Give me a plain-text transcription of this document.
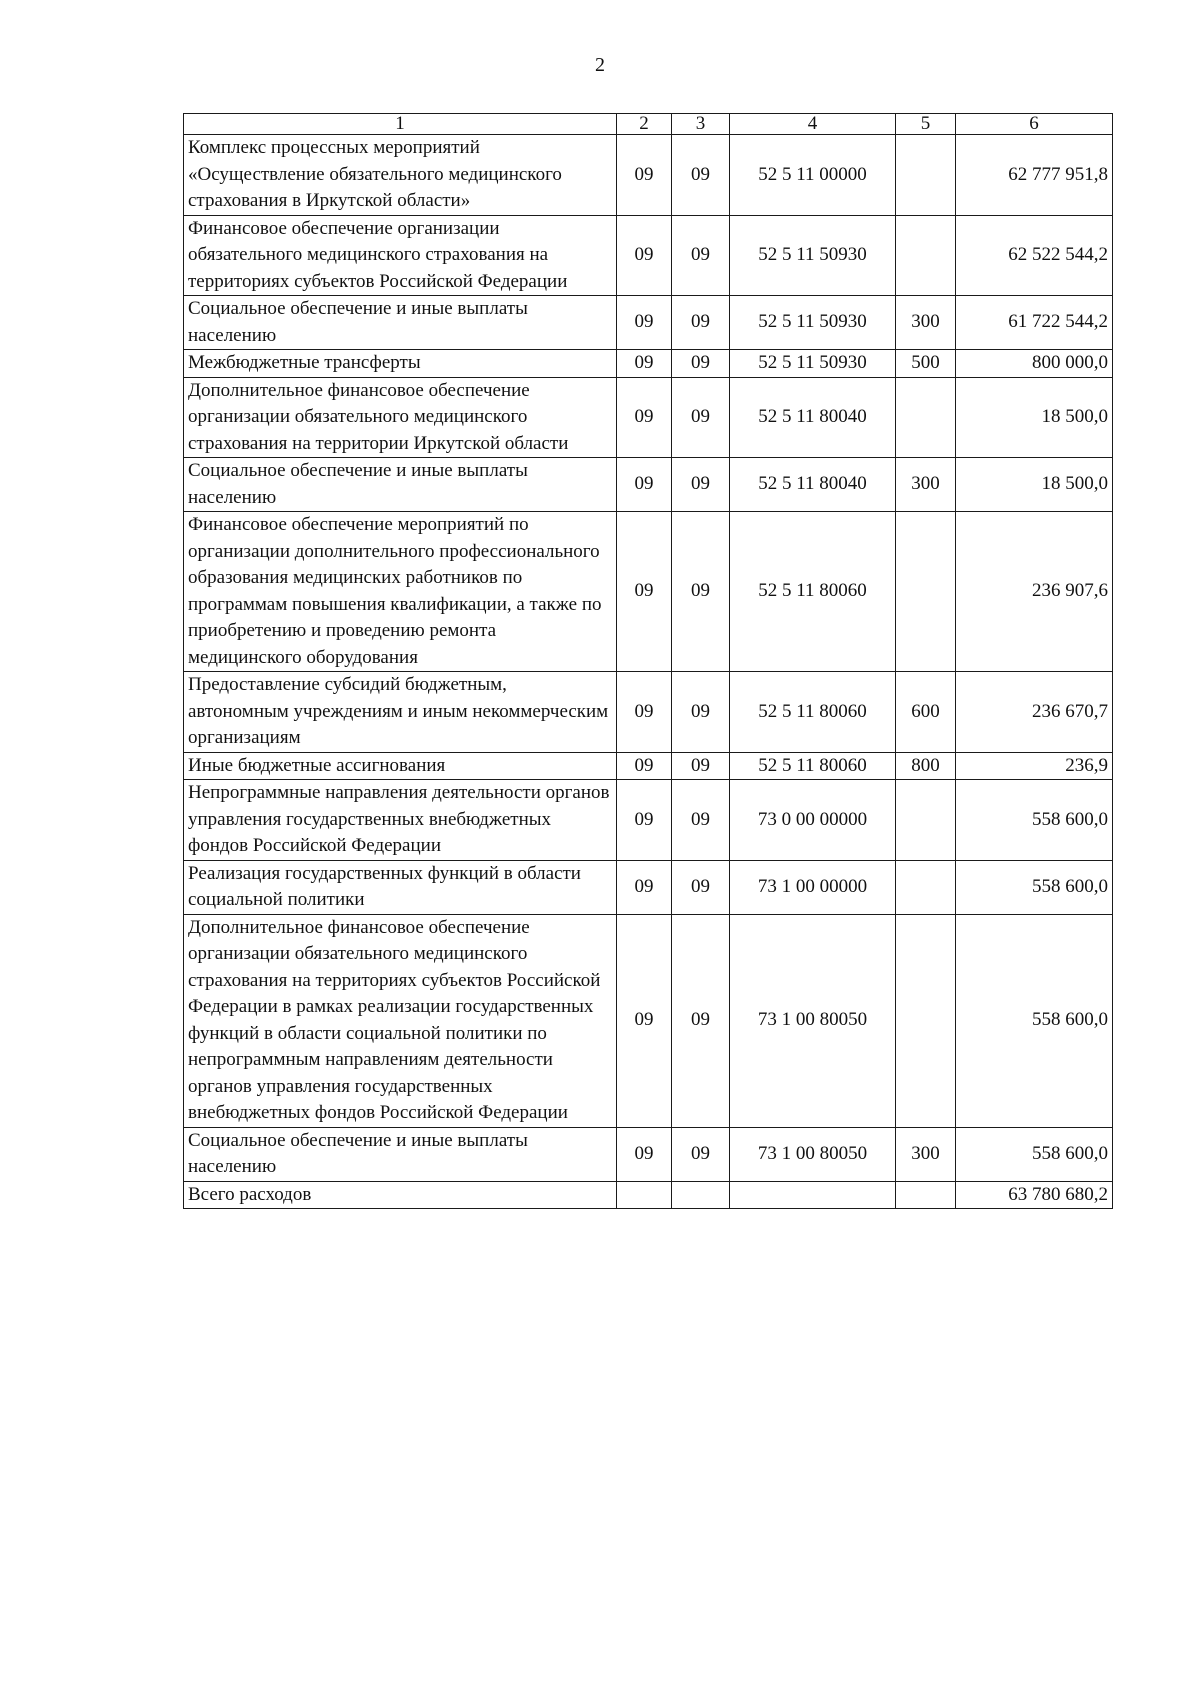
2
1	2	3	4	5	6
Комплекс процессных мероприятий «Осуществление обязательного медицинского страхования в Иркутской области»	09	09	52 5 11 00000		62 777 951,8
Финансовое обеспечение организации обязательного медицинского страхования на территориях субъектов Российской Федерации	09	09	52 5 11 50930		62 522 544,2
Социальное обеспечение и иные выплаты населению	09	09	52 5 11 50930	300	61 722 544,2
Межбюджетные трансферты	09	09	52 5 11 50930	500	800 000,0
Дополнительное финансовое обеспечение организации обязательного медицинского страхования на территории Иркутской области	09	09	52 5 11 80040		18 500,0
Социальное обеспечение и иные выплаты населению	09	09	52 5 11 80040	300	18 500,0
Финансовое обеспечение мероприятий по организации дополнительного профессионального образования медицинских работников по программам повышения квалификации, а также по приобретению и проведению ремонта медицинского оборудования	09	09	52 5 11 80060		236 907,6
Предоставление субсидий бюджетным, автономным учреждениям и иным некоммерческим организациям	09	09	52 5 11 80060	600	236 670,7
Иные бюджетные ассигнования	09	09	52 5 11 80060	800	236,9
Непрограммные направления деятельности органов управления государственных внебюджетных фондов Российской Федерации	09	09	73 0 00 00000		558 600,0
Реализация государственных функций в области социальной политики	09	09	73 1 00 00000		558 600,0
Дополнительное финансовое обеспечение организации обязательного медицинского страхования на территориях субъектов Российской Федерации в рамках реализации государственных функций в области социальной политики по непрограммным направлениям деятельности органов управления государственных внебюджетных фондов Российской Федерации	09	09	73 1 00 80050		558 600,0
Социальное обеспечение и иные выплаты населению	09	09	73 1 00 80050	300	558 600,0
Всего расходов					63 780 680,2
